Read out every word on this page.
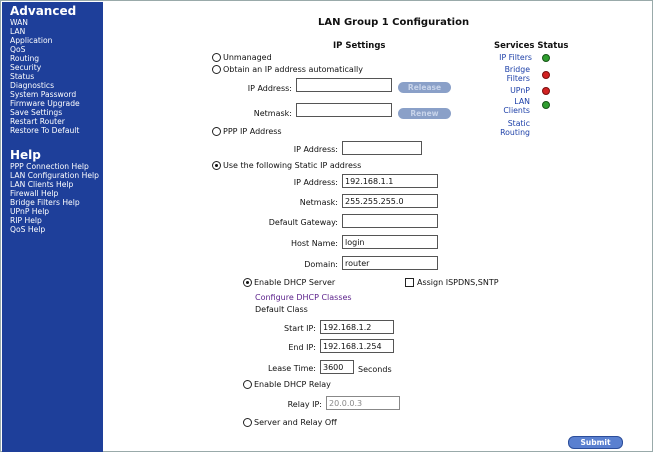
Advanced
WAN
LAN
Application
QoS
Routing
Security
Status
Diagnostics
System Password
Firmware Upgrade
Save Settings
Restart Router
Restore To Default
Help
PPP Connection Help
LAN Configuration Help
LAN Clients Help
Firewall Help
Bridge Filters Help
UPnP Help
RIP Help
QoS Help
LAN Group 1 Configuration
IP Settings	Services Status
IP Filters
Bridge Filters
UPnP
LAN Clients
Static Routing
Unmanaged
Obtain an IP address automatically
IP Address:	Release
Netmask:	Renew
PPP IP Address
IP Address:
Use the following Static IP address
IP Address:
192.168.1.1
Netmask:
255.255.255.0
Default Gateway:
Host Name:
login
Domain:
router
Enable DHCP Server	Assign ISPDNS,SNTP
Configure DHCP Classes
Default Class
Start IP:
192.168.1.2
End IP:
192.168.1.254
Lease Time:
3600	Seconds
Enable DHCP Relay
Relay IP:
20.0.0.3
Server and Relay Off
Submit
